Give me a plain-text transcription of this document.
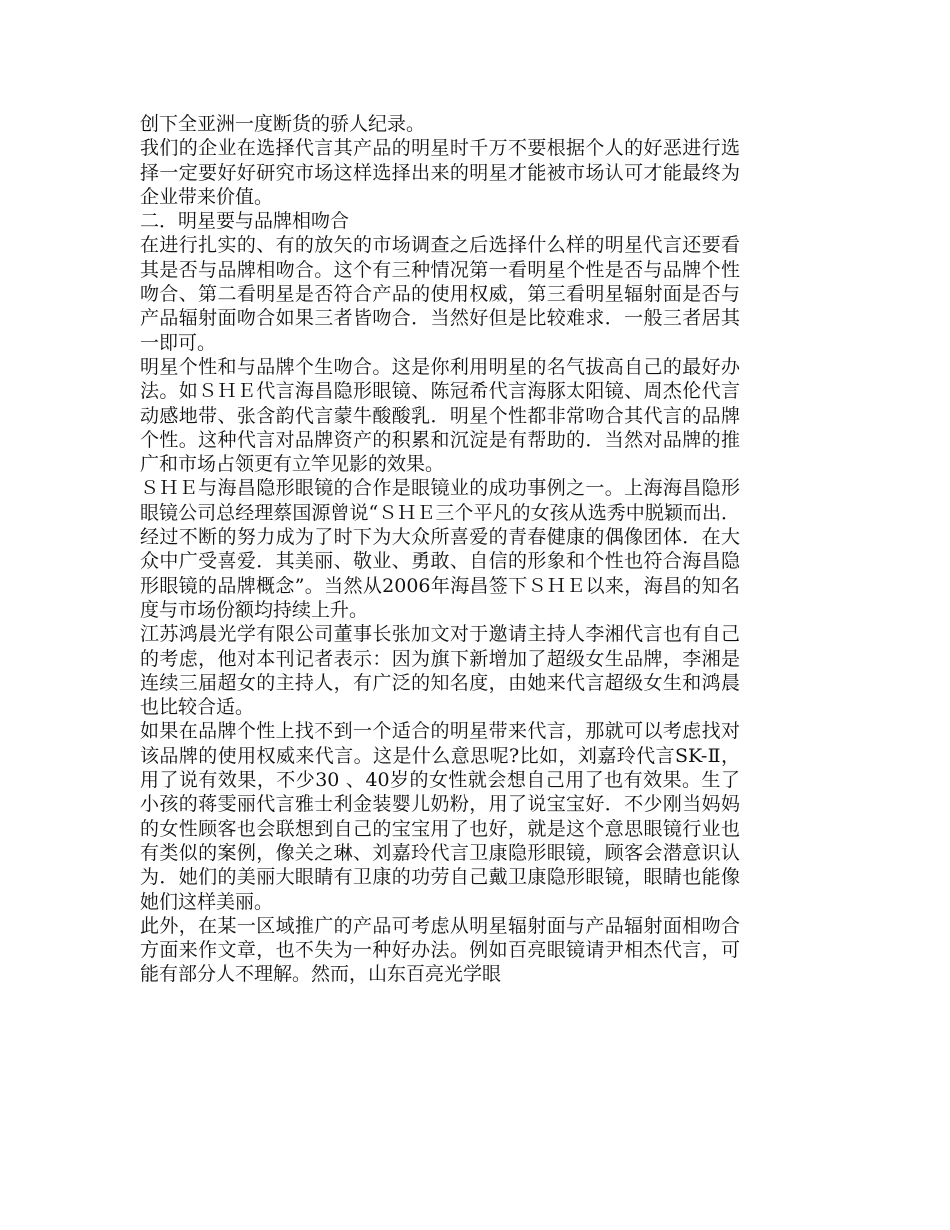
创下全亚洲一度断货的骄人纪录。

我们的企业在选择代言其产品的明星时千万不要根据个人的好恶进行选择一定要好好研究市场这样选择出来的明星才能被市场认可才能最终为企业带来价值。

二．明星要与品牌相吻合

在进行扎实的、有的放矢的市场调查之后选择什么样的明星代言还要看其是否与品牌相吻合。这个有三种情况第一看明星个性是否与品牌个性吻合、第二看明星是否符合产品的使用权威，第三看明星辐射面是否与产品辐射面吻合如果三者皆吻合．当然好但是比较难求．一般三者居其一即可。

明星个性和与品牌个生吻合。这是你利用明星的名气拔高自己的最好办法。如ＳＨＥ代言海昌隐形眼镜、陈冠希代言海豚太阳镜、周杰伦代言动感地带、张含韵代言蒙牛酸酸乳．明星个性都非常吻合其代言的品牌个性。这种代言对品牌资产的积累和沉淀是有帮助的．当然对品牌的推广和市场占领更有立竿见影的效果。

ＳＨＥ与海昌隐形眼镜的合作是眼镜业的成功事例之一。上海海昌隐形眼镜公司总经理蔡国源曾说“ＳＨＥ三个平凡的女孩从选秀中脱颖而出．经过不断的努力成为了时下为大众所喜爱的青春健康的偶像团体．在大众中广受喜爱．其美丽、敬业、勇敢、自信的形象和个性也符合海昌隐形眼镜的品牌概念”。当然从2006年海昌签下ＳＨＥ以来，海昌的知名度与市场份额均持续上升。

江苏鸿晨光学有限公司董事长张加文对于邀请主持人李湘代言也有自己的考虑，他对本刊记者表示：因为旗下新增加了超级女生品牌，李湘是连续三届超女的主持人，有广泛的知名度，由她来代言超级女生和鸿晨也比较合适。

如果在品牌个性上找不到一个适合的明星带来代言，那就可以考虑找对该品牌的使用权威来代言。这是什么意思呢?比如，刘嘉玲代言SK-Ⅱ，用了说有效果，不少30 、40岁的女性就会想自己用了也有效果。生了小孩的蒋雯丽代言雅士利金装婴儿奶粉，用了说宝宝好．不少刚当妈妈的女性顾客也会联想到自己的宝宝用了也好，就是这个意思眼镜行业也有类似的案例，像关之琳、刘嘉玲代言卫康隐形眼镜，顾客会潜意识认为．她们的美丽大眼睛有卫康的功劳自己戴卫康隐形眼镜，眼睛也能像她们这样美丽。

此外，在某一区域推广的产品可考虑从明星辐射面与产品辐射面相吻合方面来作文章，也不失为一种好办法。例如百亮眼镜请尹相杰代言，可能有部分人不理解。然而，山东百亮光学眼
